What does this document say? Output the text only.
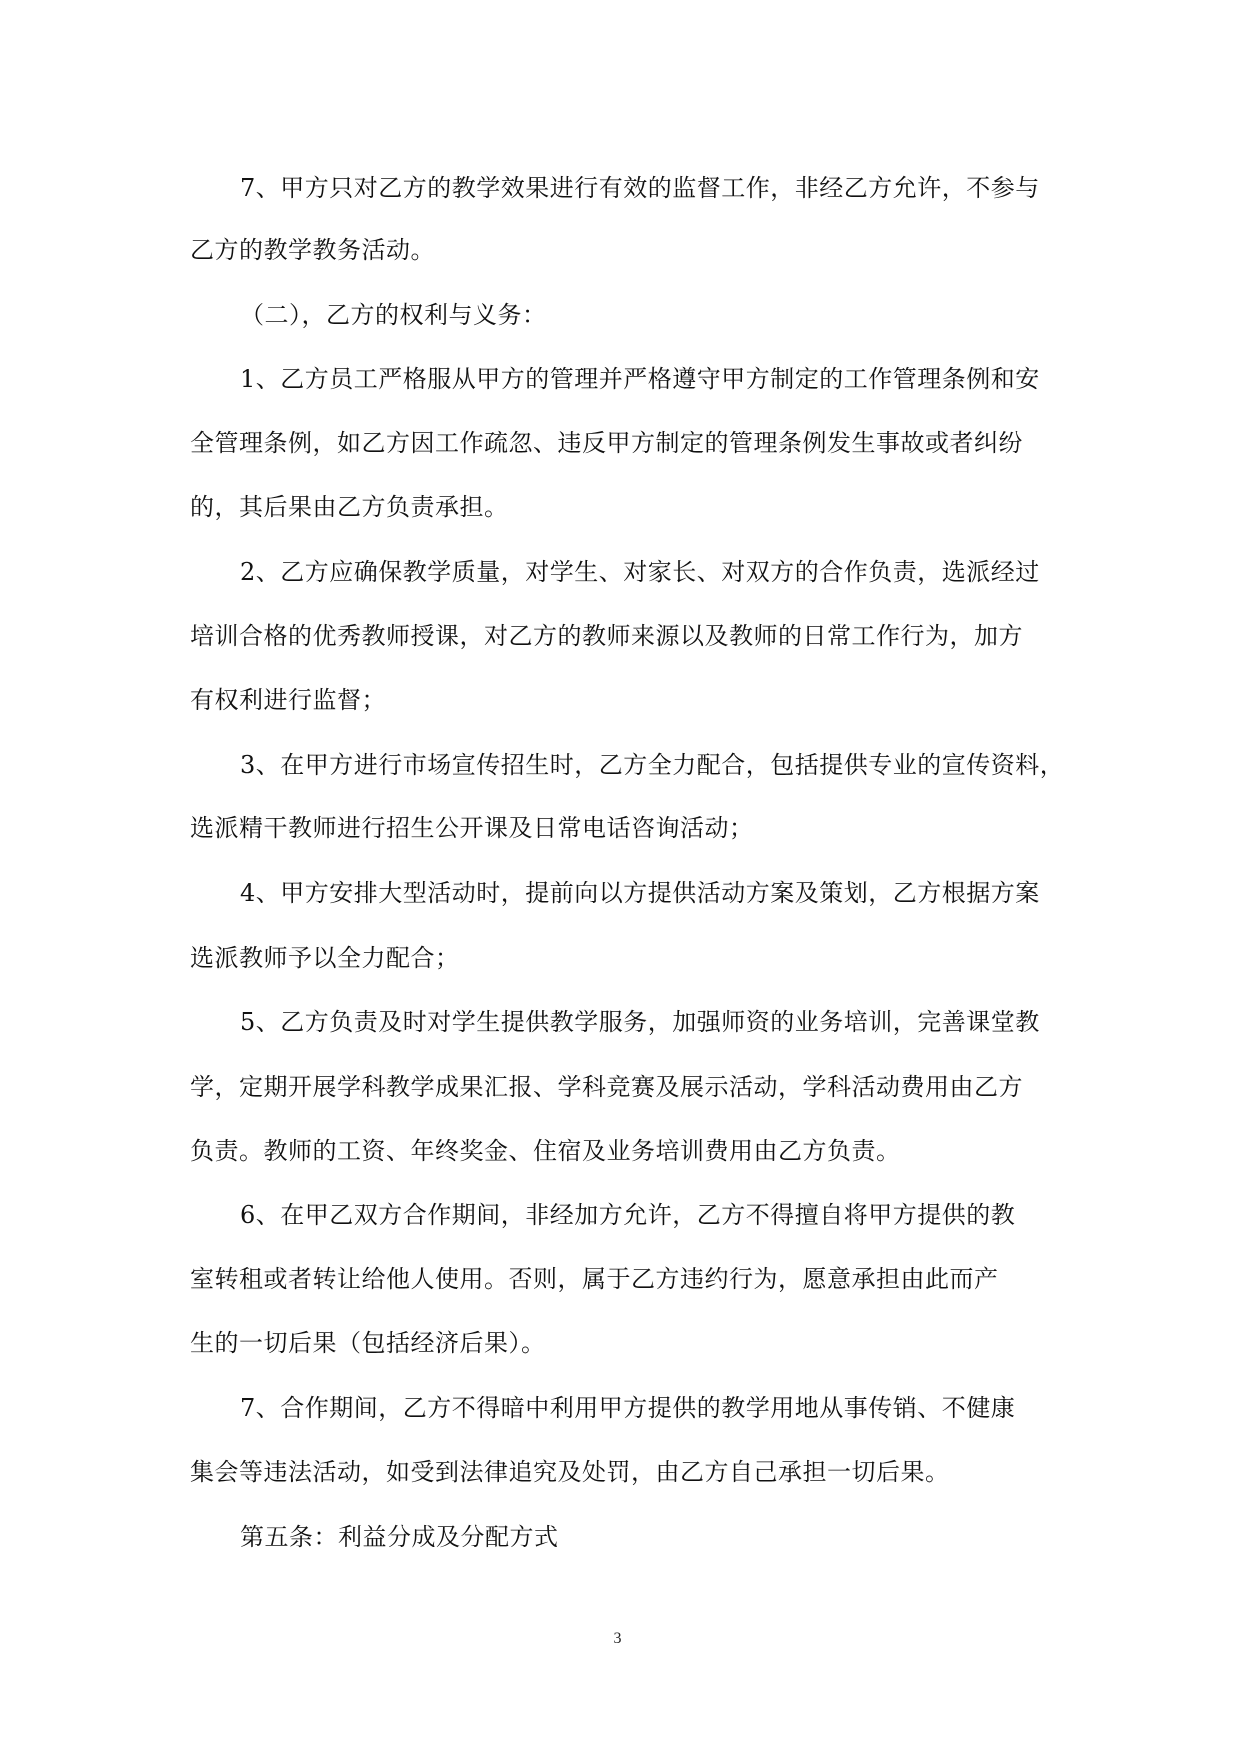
7、甲方只对乙方的教学效果进行有效的监督工作，非经乙方允许，不参与
乙方的教学教务活动。
（二），乙方的权利与义务：
1、乙方员工严格服从甲方的管理并严格遵守甲方制定的工作管理条例和安
全管理条例，如乙方因工作疏忽、违反甲方制定的管理条例发生事故或者纠纷
的，其后果由乙方负责承担。
2、乙方应确保教学质量，对学生、对家长、对双方的合作负责，选派经过
培训合格的优秀教师授课，对乙方的教师来源以及教师的日常工作行为，加方
有权利进行监督；
3、在甲方进行市场宣传招生时，乙方全力配合，包括提供专业的宣传资料，
选派精干教师进行招生公开课及日常电话咨询活动；
4、甲方安排大型活动时，提前向以方提供活动方案及策划，乙方根据方案
选派教师予以全力配合；
5、乙方负责及时对学生提供教学服务，加强师资的业务培训，完善课堂教
学，定期开展学科教学成果汇报、学科竞赛及展示活动，学科活动费用由乙方
负责。教师的工资、年终奖金、住宿及业务培训费用由乙方负责。
6、在甲乙双方合作期间，非经加方允许，乙方不得擅自将甲方提供的教
室转租或者转让给他人使用。否则，属于乙方违约行为，愿意承担由此而产
生的一切后果（包括经济后果）。
7、合作期间，乙方不得暗中利用甲方提供的教学用地从事传销、不健康
集会等违法活动，如受到法律追究及处罚，由乙方自己承担一切后果。
第五条：利益分成及分配方式
3
